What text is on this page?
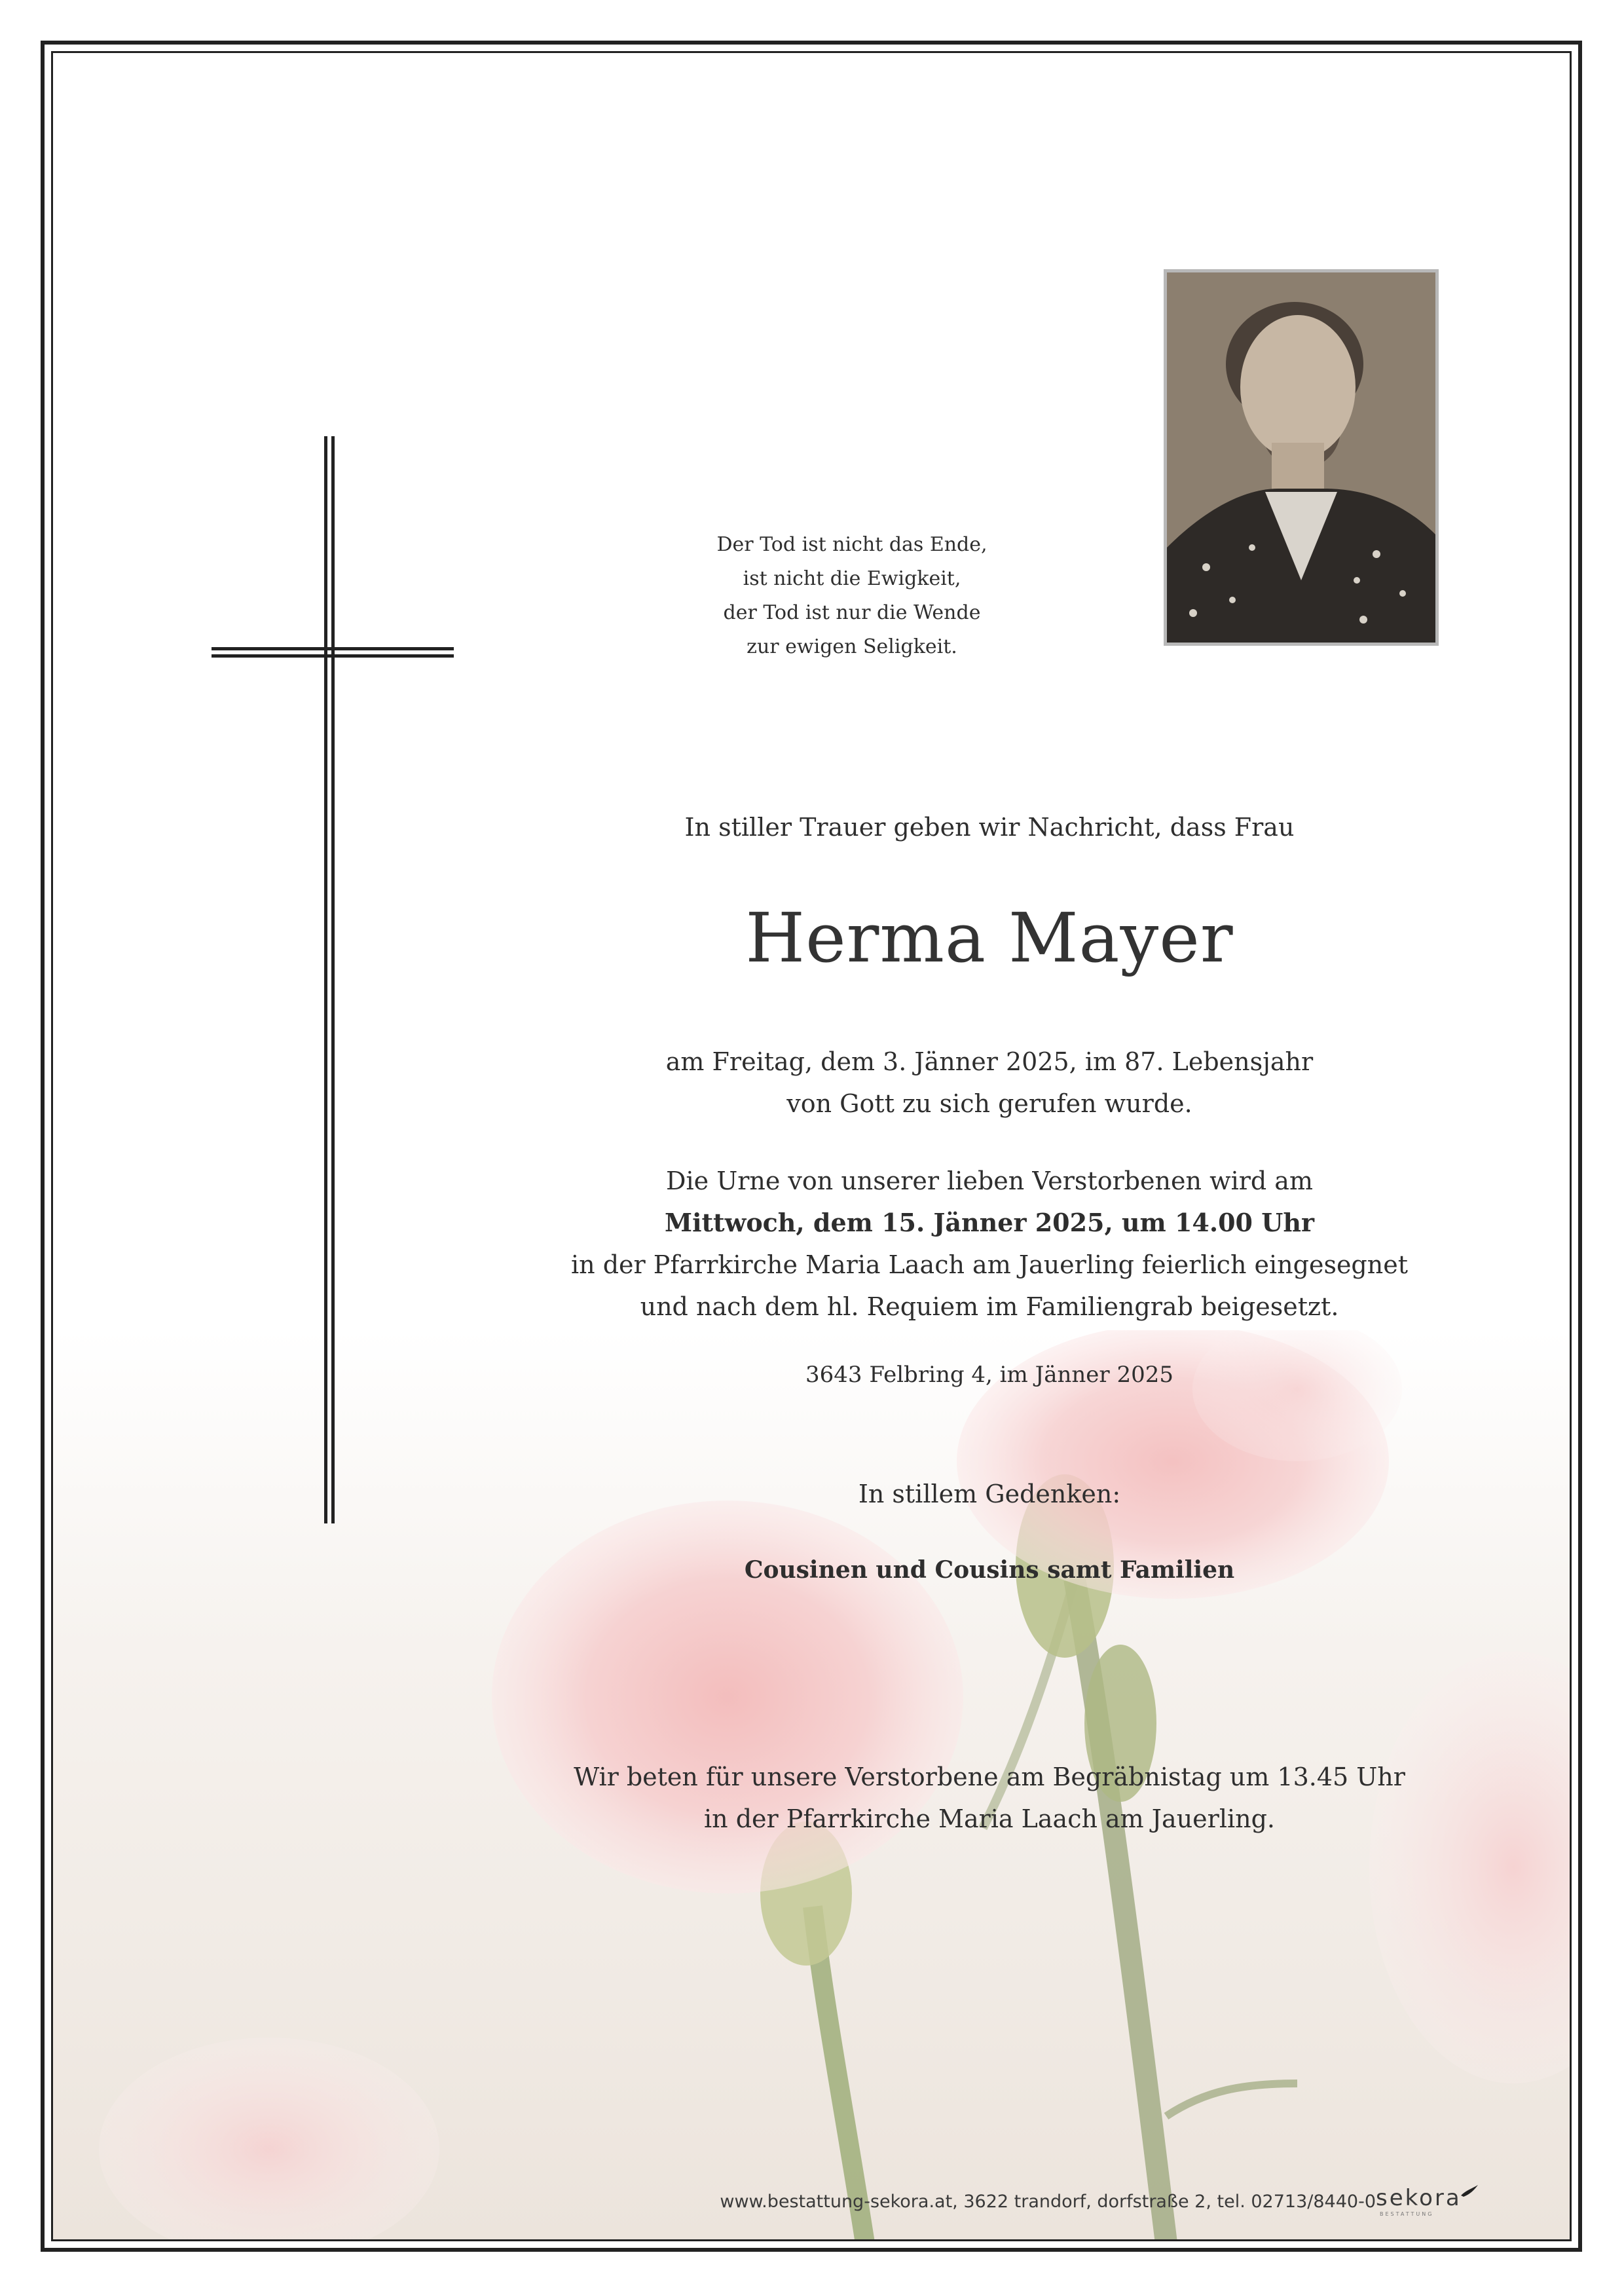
Der Tod ist nicht das Ende,
ist nicht die Ewigkeit,
der Tod ist nur die Wende
zur ewigen Seligkeit.
In stiller Trauer geben wir Nachricht, dass Frau
Herma Mayer
am Freitag, dem 3. Jänner 2025, im 87. Lebensjahr
von Gott zu sich gerufen wurde.
Die Urne von unserer lieben Verstorbenen wird am
Mittwoch, dem 15. Jänner 2025, um 14.00 Uhr
in der Pfarrkirche Maria Laach am Jauerling feierlich eingesegnet
und nach dem hl. Requiem im Familiengrab beigesetzt.
3643 Felbring 4, im Jänner 2025
In stillem Gedenken:
Cousinen und Cousins samt Familien
Wir beten für unsere Verstorbene am Begräbnistag um 13.45 Uhr
in der Pfarrkirche Maria Laach am Jauerling.
www.bestattung-sekora.at, 3622 trandorf, dorfstraße 2, tel. 02713/8440-0 sekora
BESTATTUNG
